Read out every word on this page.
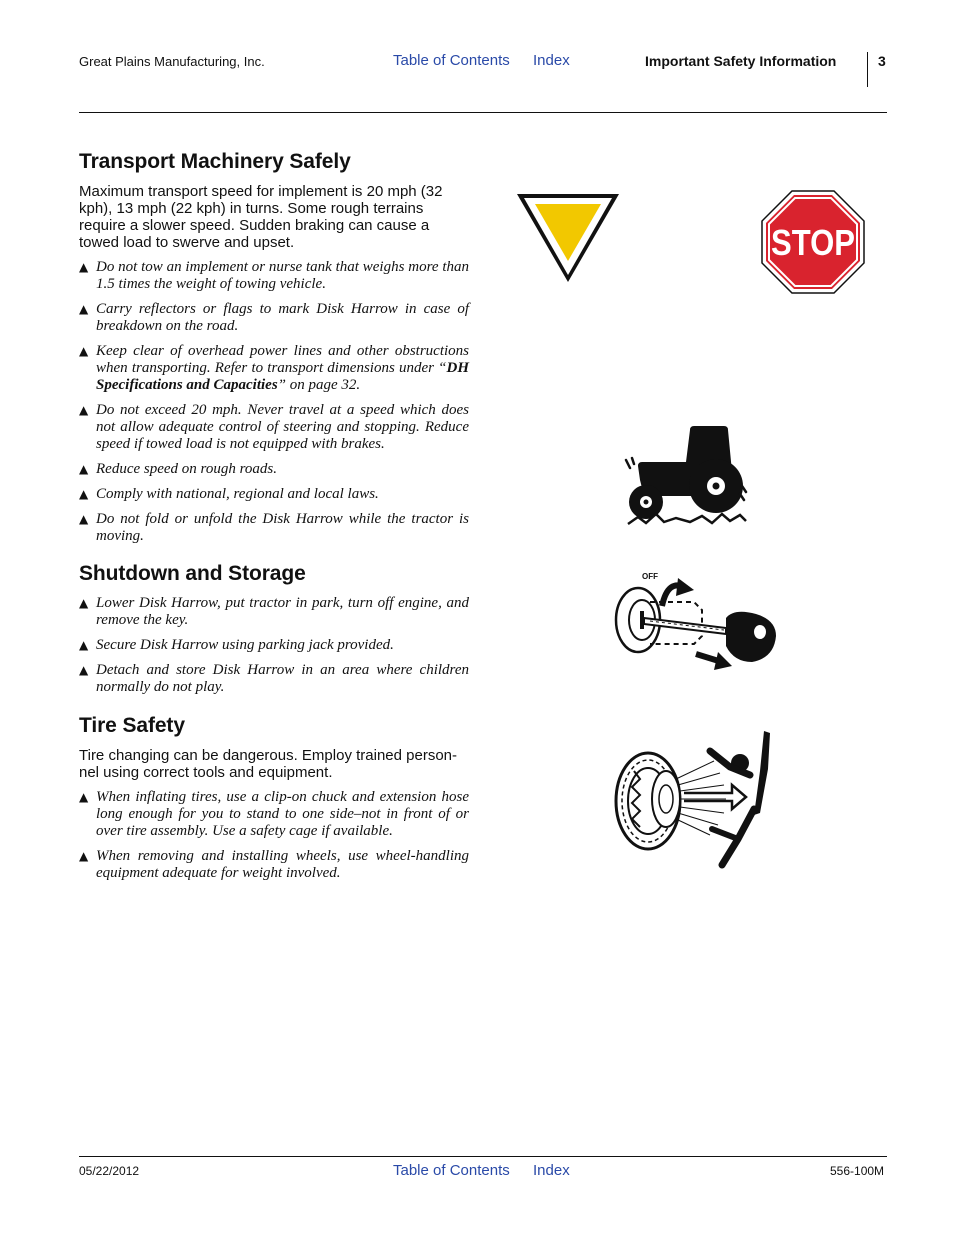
Great Plains Manufacturing, Inc.	Table of Contents Index	Important Safety Information	3
Transport Machinery Safely

Maximum transport speed for implement is 20 mph (32 kph), 13 mph (22 kph) in turns. Some rough terrains require a slower speed. Sudden braking can cause a towed load to swerve and upset.

▲ Do not tow an implement or nurse tank that weighs more than 1.5 times the weight of towing vehicle.
▲ Carry reflectors or flags to mark Disk Harrow in case of breakdown on the road.
▲ Keep clear of overhead power lines and other obstructions when transporting. Refer to transport dimensions under “DH Specifications and Capacities” on page 32.
▲ Do not exceed 20 mph. Never travel at a speed which does not allow adequate control of steering and stopping. Reduce speed if towed load is not equipped with brakes.
▲ Reduce speed on rough roads.
▲ Comply with national, regional and local laws.
▲ Do not fold or unfold the Disk Harrow while the tractor is moving.
Shutdown and Storage
▲ Lower Disk Harrow, put tractor in park, turn off engine, and remove the key.
▲ Secure Disk Harrow using parking jack provided.
▲ Detach and store Disk Harrow in an area where children normally do not play.
Tire Safety

Tire changing can be dangerous. Employ trained person-nel using correct tools and equipment.

▲ When inflating tires, use a clip-on chuck and extension hose long enough for you to stand to one side–not in front of or over tire assembly. Use a safety cage if available.
▲ When removing and installing wheels, use wheel-handling equipment adequate for weight involved.
STOP
OFF
05/22/2012	Table of Contents Index	556-100M
